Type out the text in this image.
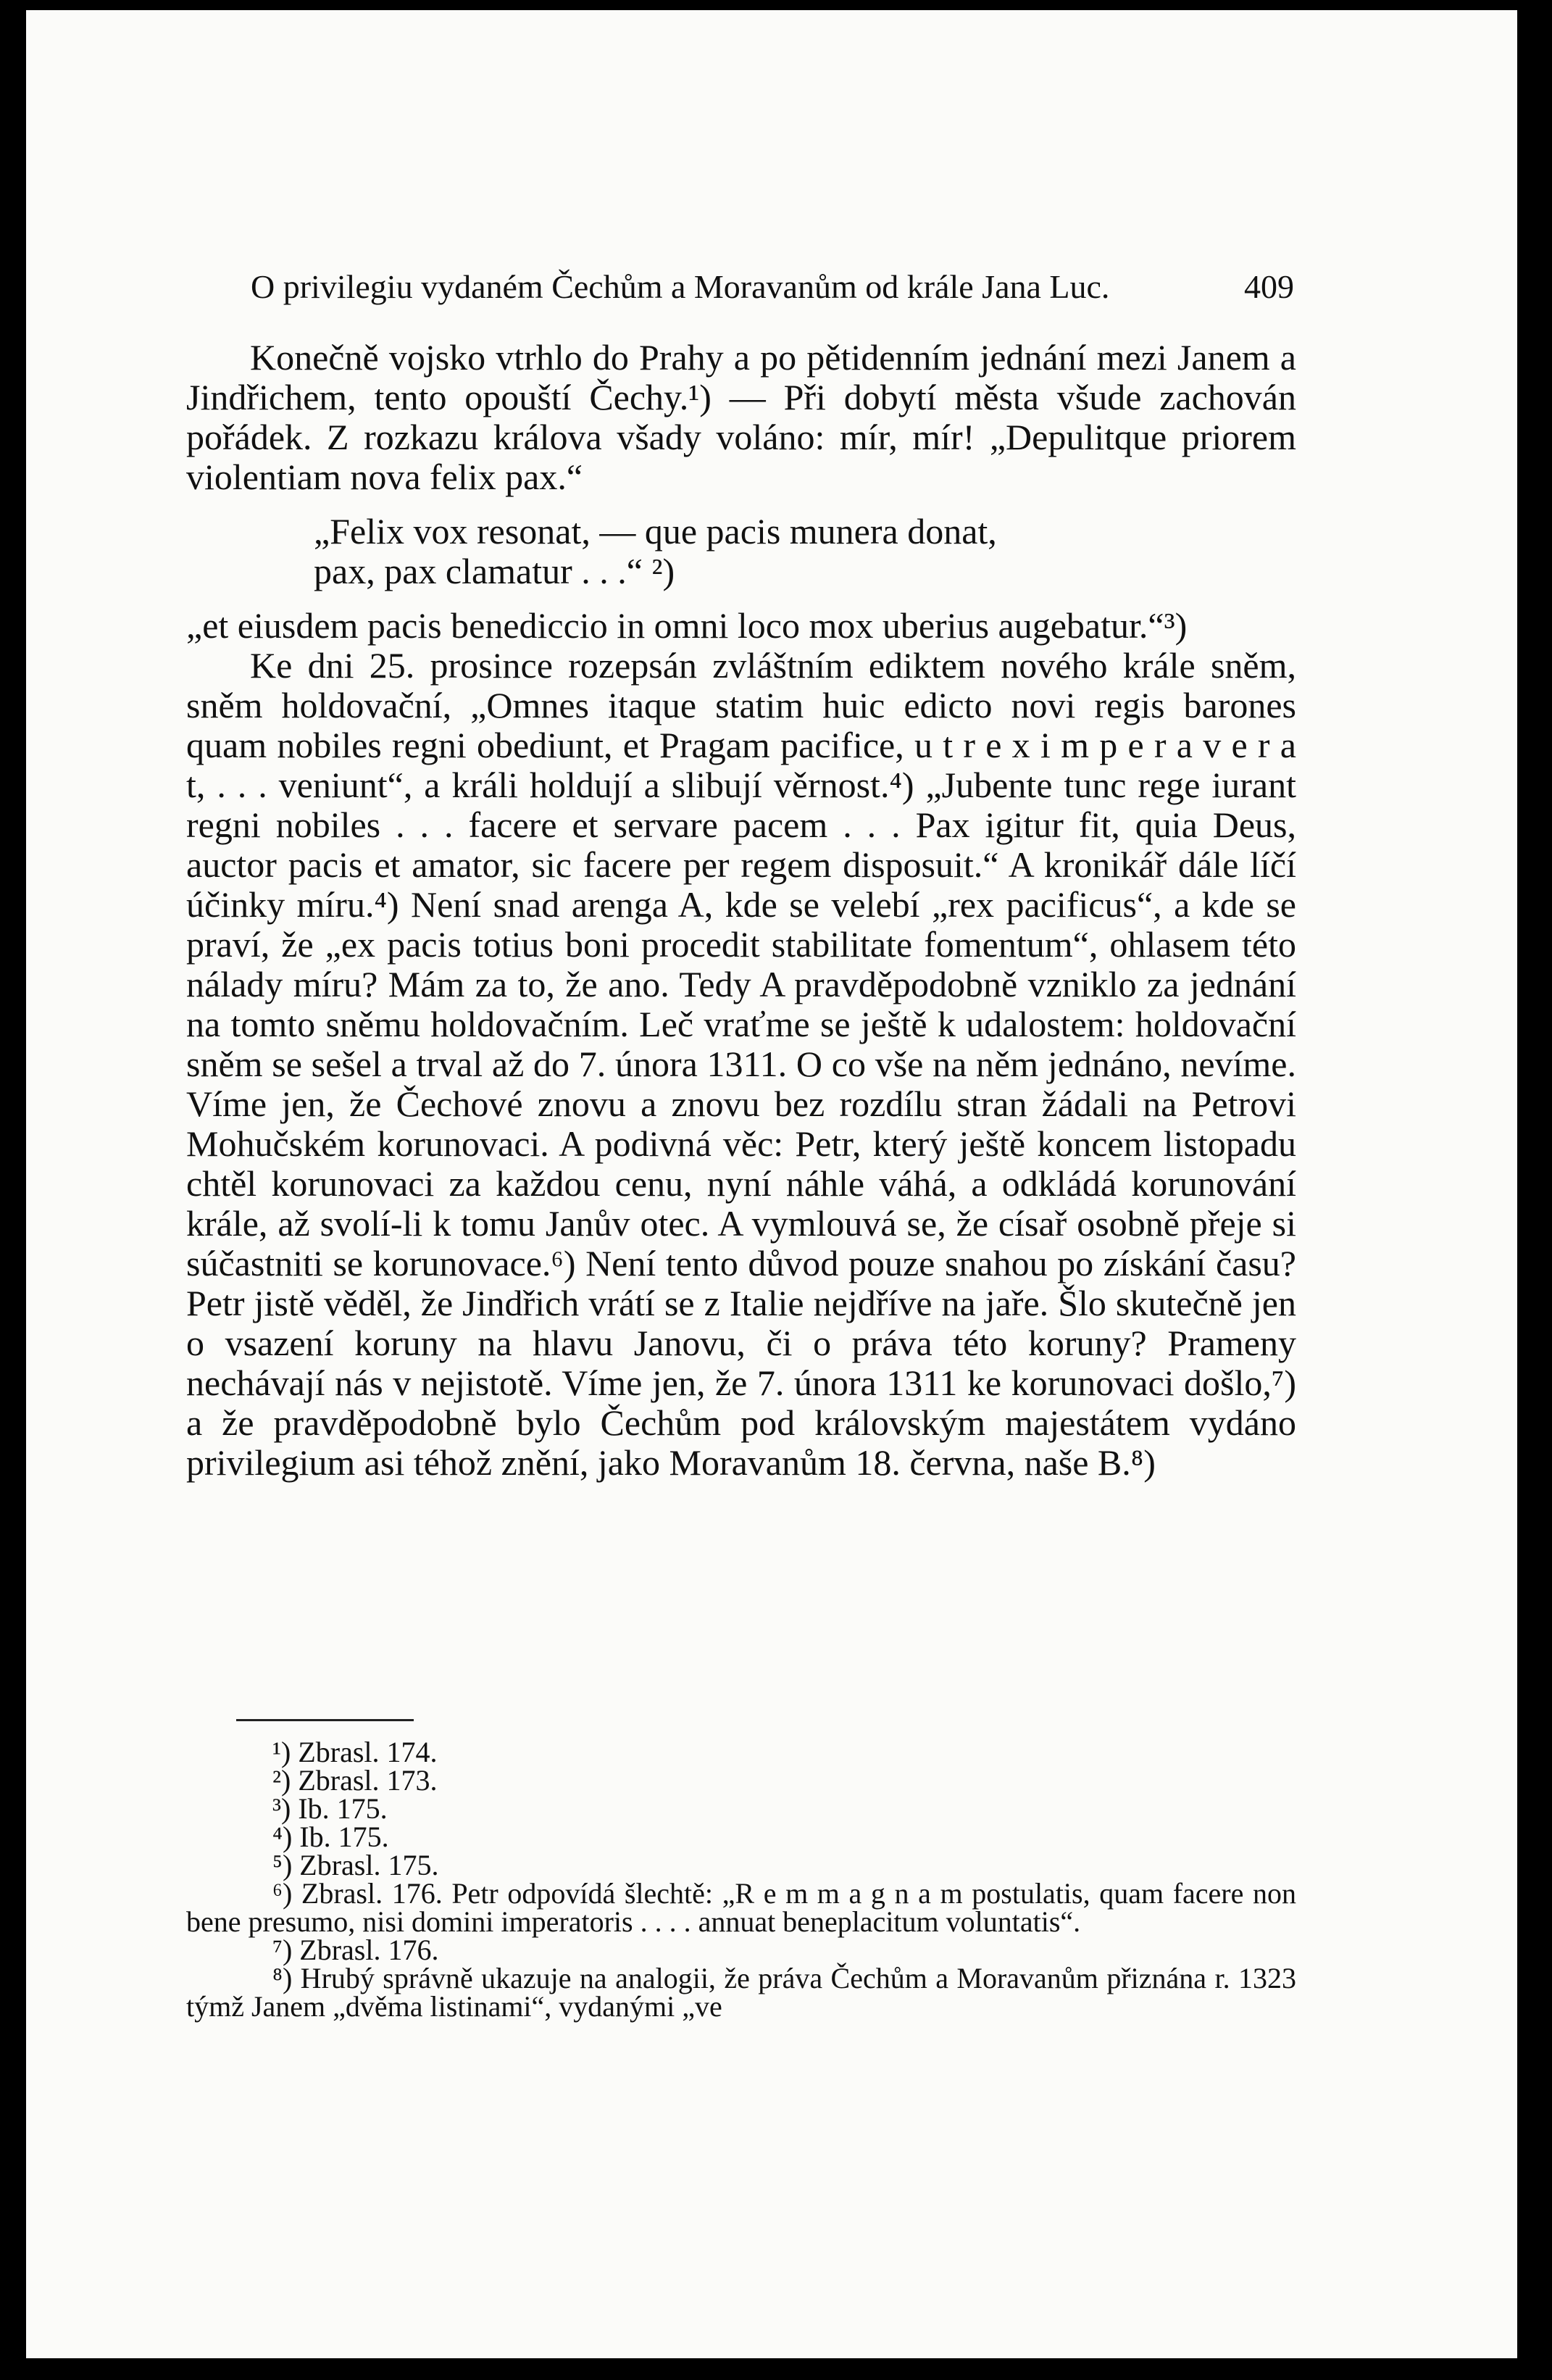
O privilegiu vydaném Čechům a Moravanům od krále Jana Luc.	409

Konečně vojsko vtrhlo do Prahy a po pětidenním jednání mezi Janem a Jindřichem, tento opouští Čechy.¹) — Při dobytí města všude zachován pořádek. Z rozkazu králova všady voláno: mír, mír! „Depulitque priorem violentiam nova felix pax.“

„Felix vox resonat, — que pacis munera donat,
pax, pax clamatur . . .“ ²)

„et eiusdem pacis benediccio in omni loco mox uberius augebatur.“³)

Ke dni 25. prosince rozepsán zvláštním ediktem nového krále sněm, sněm holdovační, „Omnes itaque statim huic edicto novi regis barones quam nobiles regni obediunt, et Pragam pacifice, u t r e x i m p e r a v e r a t, . . . veniunt“, a králi holdují a slibují věrnost.⁴) „Jubente tunc rege iurant regni nobiles . . . facere et servare pacem . . . Pax igitur fit, quia Deus, auctor pacis et amator, sic facere per regem disposuit.“ A kronikář dále líčí účinky míru.⁴) Není snad arenga A, kde se velebí „rex pacificus“, a kde se praví, že „ex pacis totius boni procedit stabilitate fomentum“, ohlasem této nálady míru? Mám za to, že ano. Tedy A pravděpodobně vzniklo za jednání na tomto sněmu holdovačním. Leč vraťme se ještě k udalostem: holdovační sněm se sešel a trval až do 7. února 1311. O co vše na něm jednáno, nevíme. Víme jen, že Čechové znovu a znovu bez rozdílu stran žádali na Petrovi Mohučském korunovaci. A podivná věc: Petr, který ještě koncem listopadu chtěl korunovaci za každou cenu, nyní náhle váhá, a odkládá korunování krále, až svolí-li k tomu Janův otec. A vymlouvá se, že císař osobně přeje si súčastniti se korunovace.⁶) Není tento důvod pouze snahou po získání času? Petr jistě věděl, že Jindřich vrátí se z Italie nejdříve na jaře. Šlo skutečně jen o vsazení koruny na hlavu Janovu, či o práva této koruny? Prameny nechávají nás v nejistotě. Víme jen, že 7. února 1311 ke korunovaci došlo,⁷) a že pravděpodobně bylo Čechům pod královským majestátem vydáno privilegium asi téhož znění, jako Moravanům 18. června, naše B.⁸)

¹) Zbrasl. 174.

²) Zbrasl. 173.

³) Ib. 175.

⁴) Ib. 175.

⁵) Zbrasl. 175.

⁶) Zbrasl. 176. Petr odpovídá šlechtě: „R e m m a g n a m postulatis, quam facere non bene presumo, nisi domini imperatoris . . . . annuat beneplacitum voluntatis“.

⁷) Zbrasl. 176.

⁸) Hrubý správně ukazuje na analogii, že práva Čechům a Moravanům přiznána r. 1323 týmž Janem „dvěma listinami“, vydanými „ve
